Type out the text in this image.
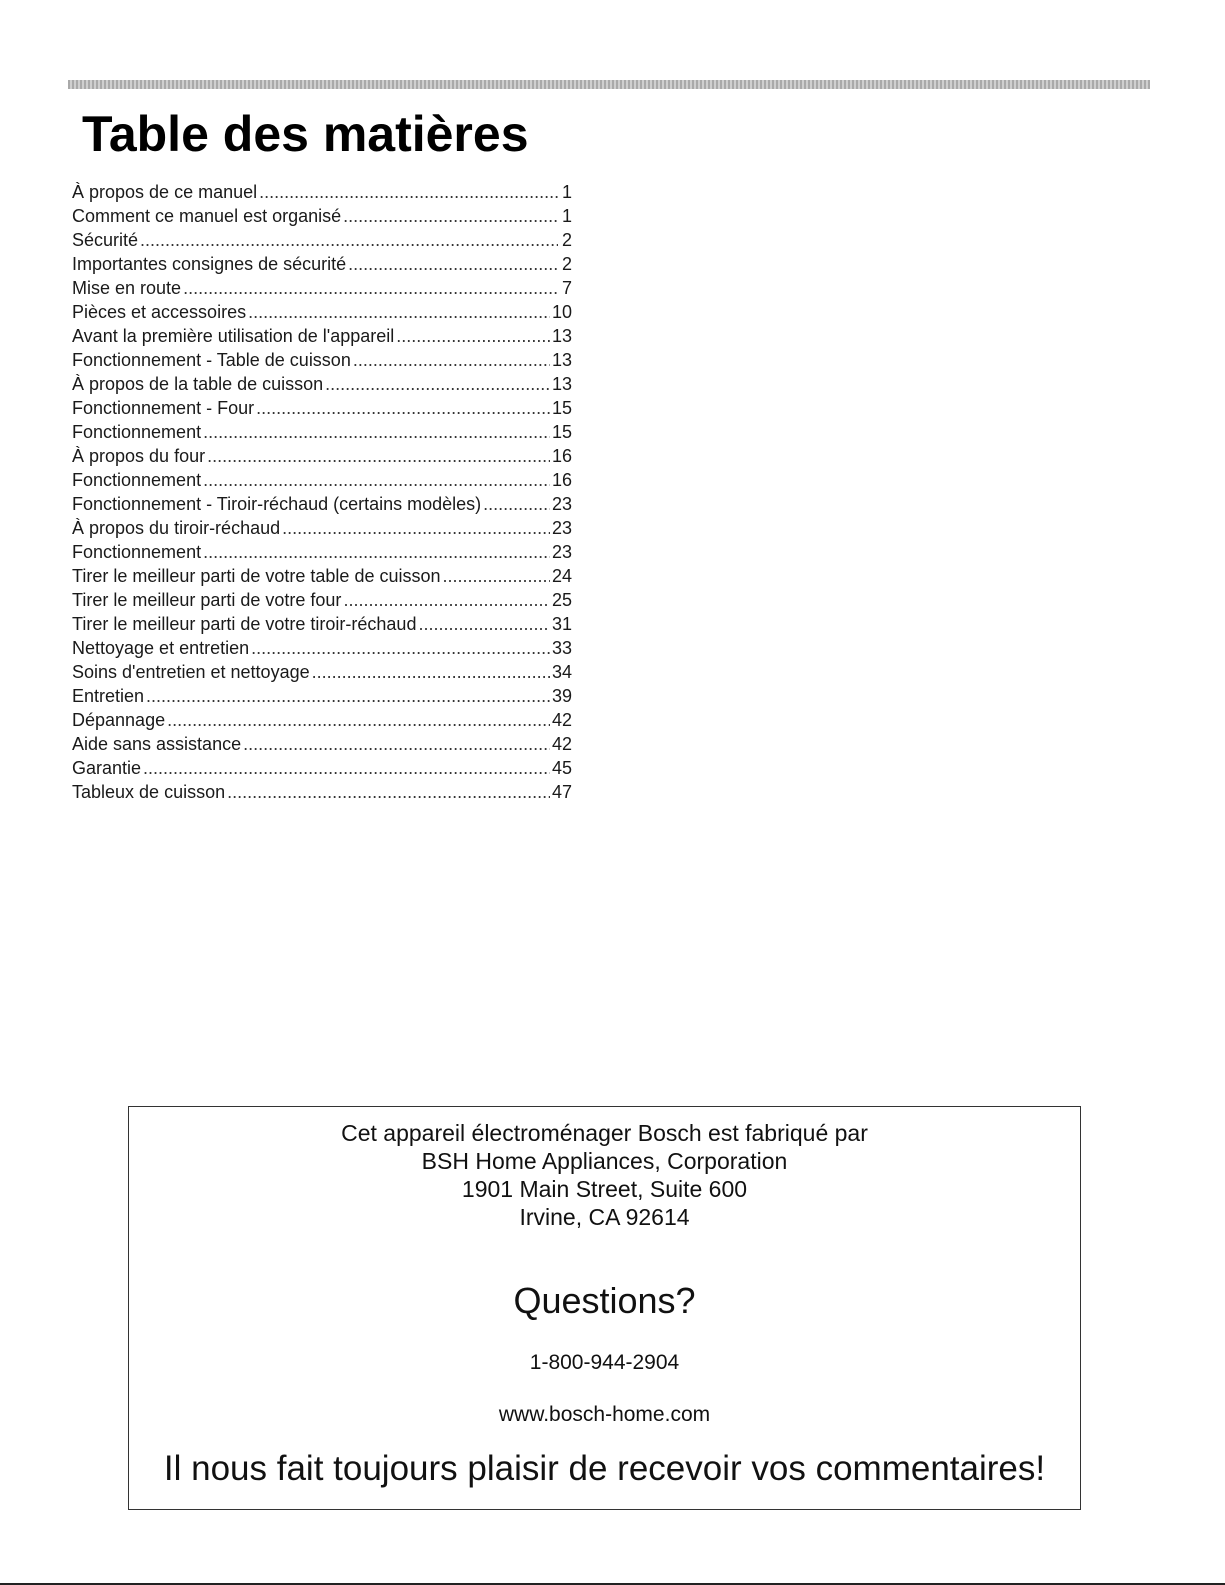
Table des matières
À propos de ce manuel .....	1
Comment ce manuel est organisé .....	1
Sécurité .....	2
Importantes consignes de sécurité .....	2
Mise en route .....	7
Pièces et accessoires .....	10
Avant la première utilisation de l'appareil .....	13
Fonctionnement - Table de cuisson .....	13
À propos de la table de cuisson .....	13
Fonctionnement - Four .....	15
Fonctionnement .....	15
À propos du four .....	16
Fonctionnement .....	16
Fonctionnement - Tiroir-réchaud (certains modèles) .....	23
À propos du tiroir-réchaud .....	23
Fonctionnement .....	23
Tirer le meilleur parti de votre table de cuisson .....	24
Tirer le meilleur parti de votre four .....	25
Tirer le meilleur parti de votre tiroir-réchaud .....	31
Nettoyage et entretien .....	33
Soins d'entretien et nettoyage .....	34
Entretien .....	39
Dépannage .....	42
Aide sans assistance .....	42
Garantie .....	45
Tableux de cuisson .....	47
Cet appareil électroménager Bosch est fabriqué par
BSH Home Appliances, Corporation
1901 Main Street, Suite 600
Irvine, CA 92614
Questions?
1-800-944-2904
www.bosch-home.com
Il nous fait toujours plaisir de recevoir vos commentaires!
